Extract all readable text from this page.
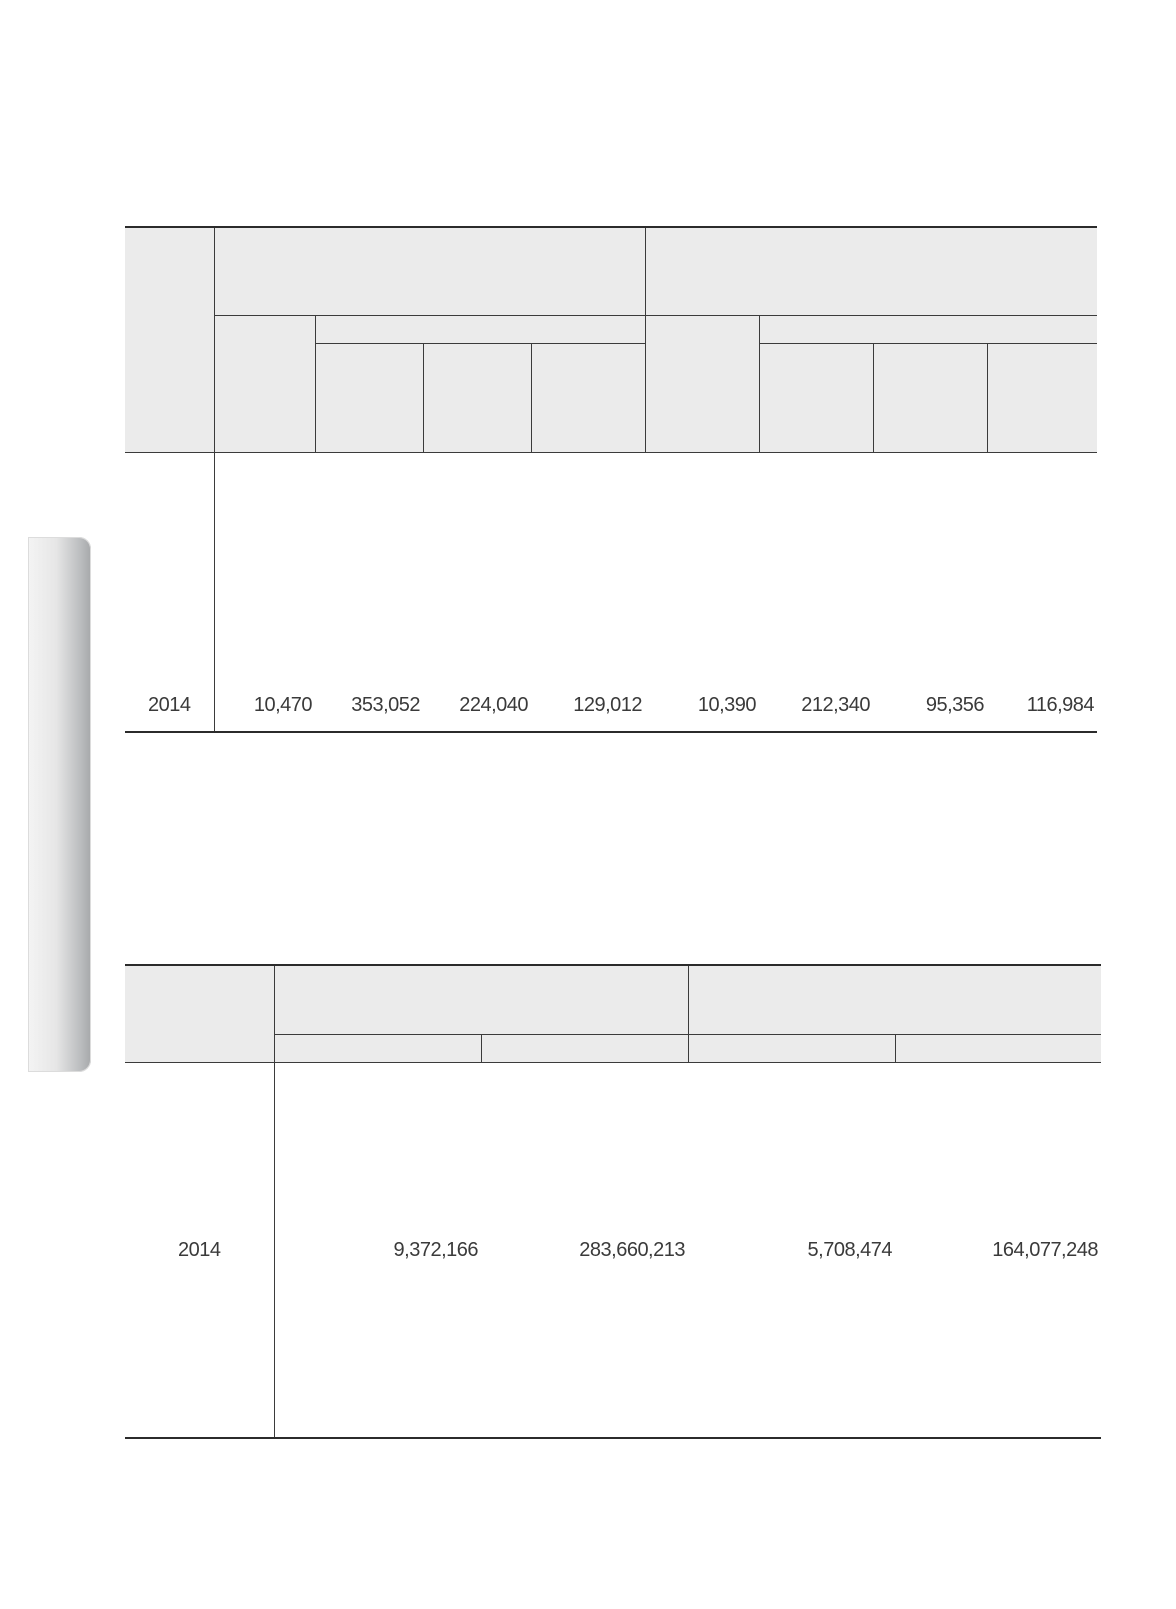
2014	10,470	353,052	224,040	129,012	10,390	212,340	95,356	116,984

2014	9,372,166	283,660,213	5,708,474	164,077,248
